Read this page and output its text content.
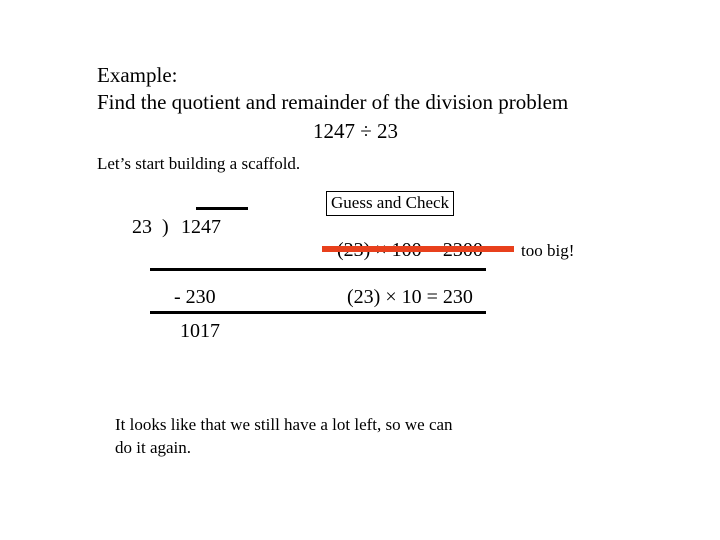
Example:
Find the quotient and remainder of the division problem
1247 ÷ 23
Let’s start building a scaffold.
23 ) 1247
- 230
1017
Guess and Check
too big!
(23) × 10 = 230
It looks like that we still have a lot left, so we can
do it again.
